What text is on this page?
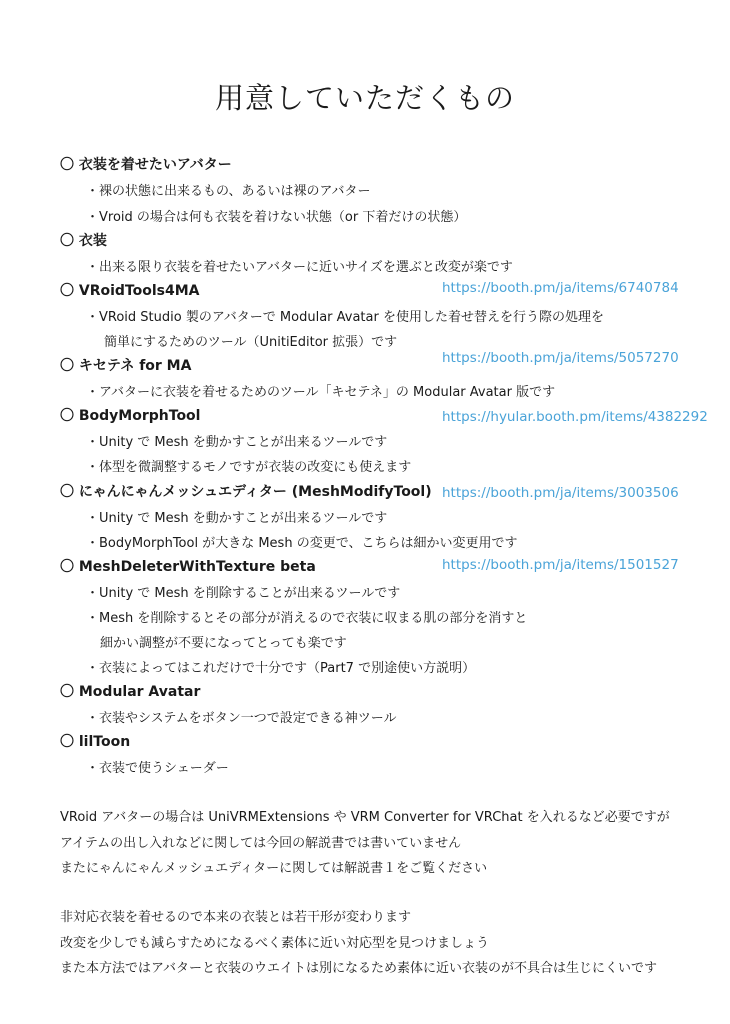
用意していただくもの
〇 衣装を着せたいアバター
・裸の状態に出来るもの、あるいは裸のアバター
・Vroid の場合は何も衣装を着けない状態（or 下着だけの状態）
〇 衣装
・出来る限り衣装を着せたいアバターに近いサイズを選ぶと改変が楽です
〇 VRoidTools4MA	https://booth.pm/ja/items/6740784
・VRoid Studio 製のアバターで Modular Avatar を使用した着せ替えを行う際の処理を
簡単にするためのツール（UnitiEditor 拡張）です
〇 キセテネ for MA	https://booth.pm/ja/items/5057270
・アバターに衣装を着せるためのツール「キセテネ」の Modular Avatar 版です
〇 BodyMorphTool	https://hyular.booth.pm/items/4382292
・Unity で Mesh を動かすことが出来るツールです
・体型を微調整するモノですが衣装の改変にも使えます
〇 にゃんにゃんメッシュエディター (MeshModifyTool) https://booth.pm/ja/items/3003506
・Unity で Mesh を動かすことが出来るツールです
・BodyMorphTool が大きな Mesh の変更で、こちらは細かい変更用です
〇 MeshDeleterWithTexture beta	https://booth.pm/ja/items/1501527
・Unity で Mesh を削除することが出来るツールです
・Mesh を削除するとその部分が消えるので衣装に収まる肌の部分を消すと
細かい調整が不要になってとっても楽です
・衣装によってはこれだけで十分です（Part7 で別途使い方説明）
〇 Modular Avatar
・衣装やシステムをボタン一つで設定できる神ツール
〇 lilToon
・衣装で使うシェーダー
VRoid アバターの場合は UniVRMExtensions や VRM Converter for VRChat を入れるなど必要ですが
アイテムの出し入れなどに関しては今回の解説書では書いていません
またにゃんにゃんメッシュエディターに関しては解説書１をご覧ください
非対応衣装を着せるので本来の衣装とは若干形が変わります
改変を少しでも減らすためになるべく素体に近い対応型を見つけましょう
また本方法ではアバターと衣装のウエイトは別になるため素体に近い衣装のが不具合は生じにくいです
